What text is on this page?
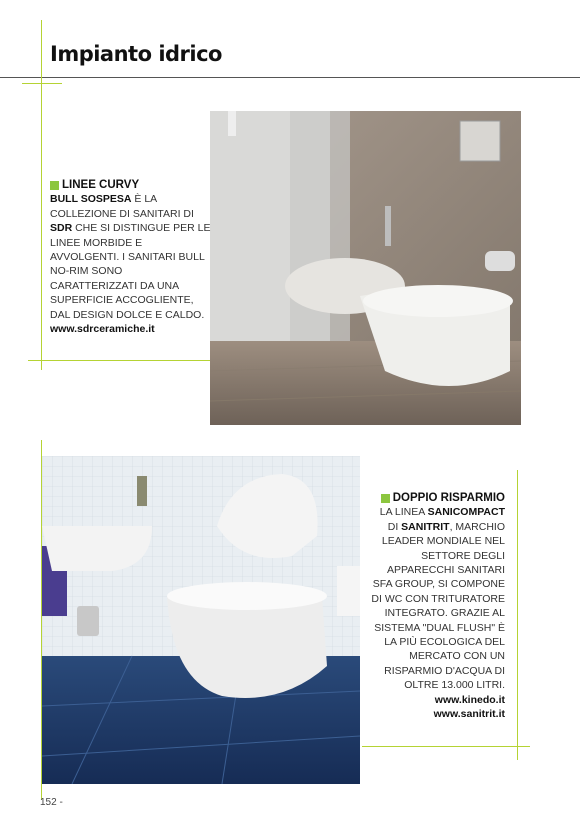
Impianto idrico
LINEE CURVY
BULL SOSPESA È LA COLLEZIONE DI SANITARI DI SDR CHE SI DISTINGUE PER LE LINEE MORBIDE E AVVOLGENTI. I SANITARI BULL NO-RIM SONO CARATTERIZZATI DA UNA SUPERFICIE ACCOGLIENTE, DAL DESIGN DOLCE E CALDO.
www.sdrceramiche.it
DOPPIO RISPARMIO
LA LINEA SANICOMPACT DI SANITRIT, MARCHIO LEADER MONDIALE NEL SETTORE DEGLI APPARECCHI SANITARI SFA GROUP, SI COMPONE DI WC CON TRITURATORE INTEGRATO. GRAZIE AL SISTEMA "DUAL FLUSH" È LA PIÙ ECOLOGICA DEL MERCATO CON UN RISPARMIO D'ACQUA DI OLTRE 13.000 LITRI.
www.kinedo.it
www.sanitrit.it
152 -
